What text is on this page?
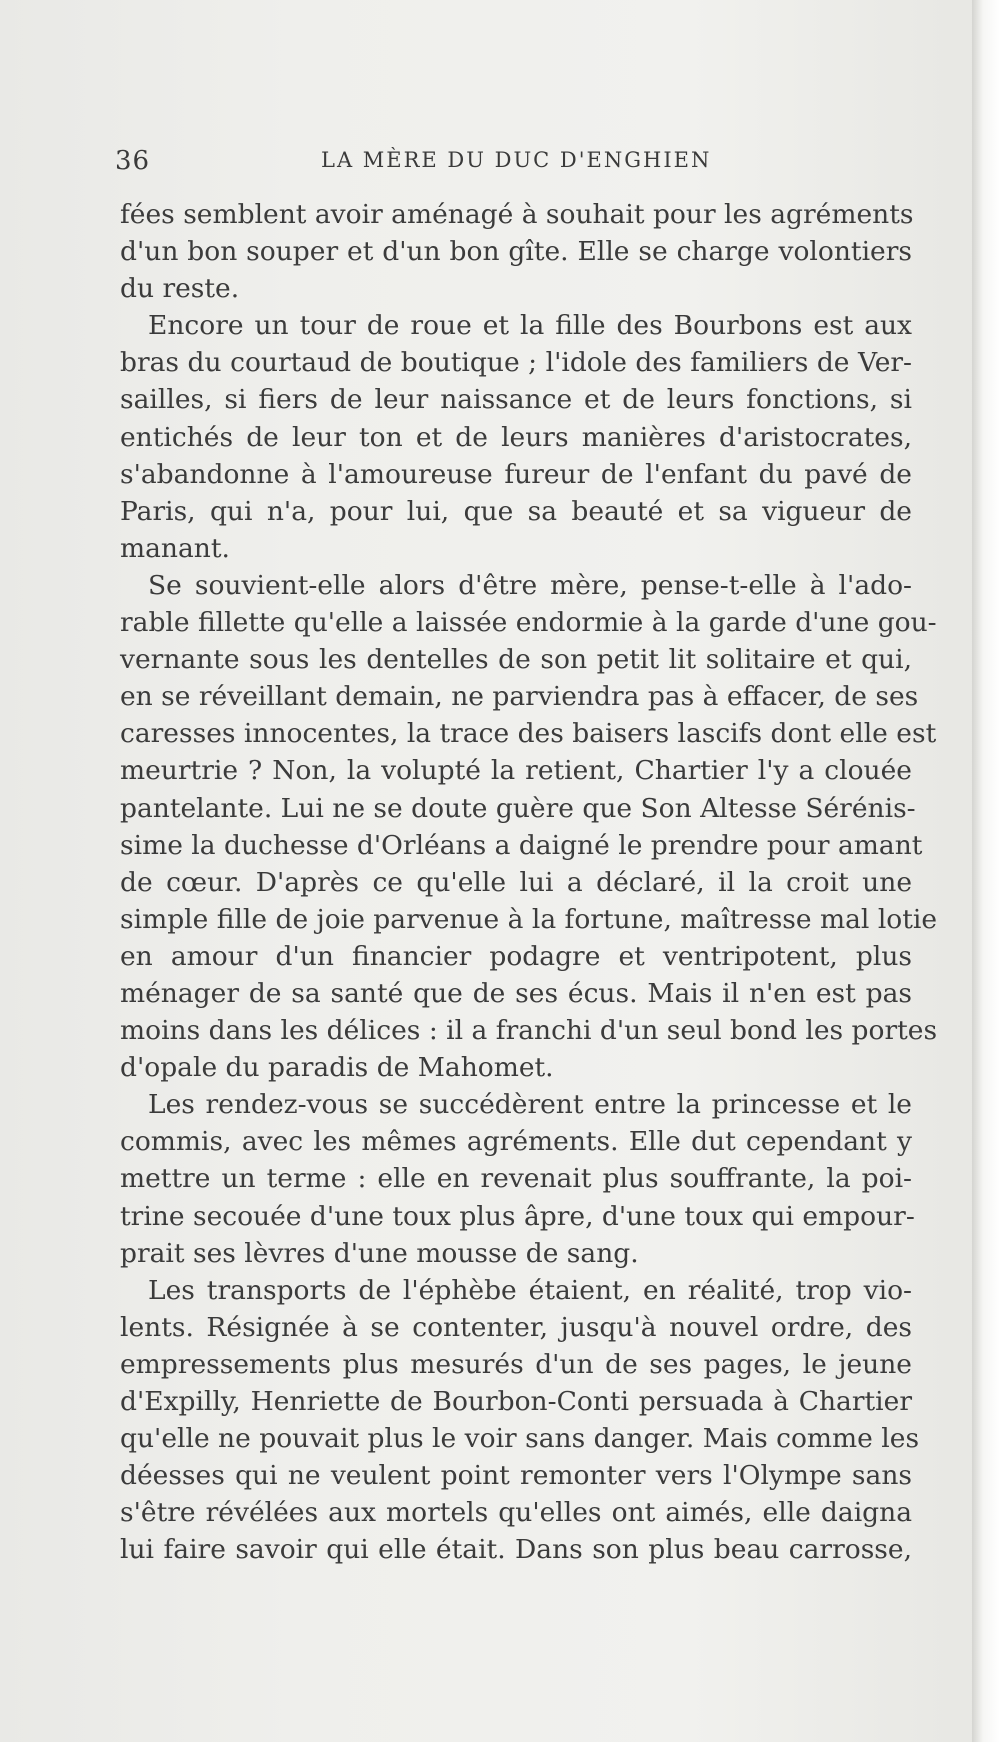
36	LA MÈRE DU DUC D'ENGHIEN
fées semblent avoir aménagé à souhait pour les agréments
d'un bon souper et d'un bon gîte. Elle se charge volontiers
du reste.
Encore un tour de roue et la fille des Bourbons est aux
bras du courtaud de boutique ; l'idole des familiers de Ver-
sailles, si fiers de leur naissance et de leurs fonctions, si
entichés de leur ton et de leurs manières d'aristocrates,
s'abandonne à l'amoureuse fureur de l'enfant du pavé de
Paris, qui n'a, pour lui, que sa beauté et sa vigueur de
manant.
Se souvient-elle alors d'être mère, pense-t-elle à l'ado-
rable fillette qu'elle a laissée endormie à la garde d'une gou-
vernante sous les dentelles de son petit lit solitaire et qui,
en se réveillant demain, ne parviendra pas à effacer, de ses
caresses innocentes, la trace des baisers lascifs dont elle est
meurtrie ? Non, la volupté la retient, Chartier l'y a clouée
pantelante. Lui ne se doute guère que Son Altesse Sérénis-
sime la duchesse d'Orléans a daigné le prendre pour amant
de cœur. D'après ce qu'elle lui a déclaré, il la croit une
simple fille de joie parvenue à la fortune, maîtresse mal lotie
en amour d'un financier podagre et ventripotent, plus
ménager de sa santé que de ses écus. Mais il n'en est pas
moins dans les délices : il a franchi d'un seul bond les portes
d'opale du paradis de Mahomet.
Les rendez-vous se succédèrent entre la princesse et le
commis, avec les mêmes agréments. Elle dut cependant y
mettre un terme : elle en revenait plus souffrante, la poi-
trine secouée d'une toux plus âpre, d'une toux qui empour-
prait ses lèvres d'une mousse de sang.
Les transports de l'éphèbe étaient, en réalité, trop vio-
lents. Résignée à se contenter, jusqu'à nouvel ordre, des
empressements plus mesurés d'un de ses pages, le jeune
d'Expilly, Henriette de Bourbon-Conti persuada à Chartier
qu'elle ne pouvait plus le voir sans danger. Mais comme les
déesses qui ne veulent point remonter vers l'Olympe sans
s'être révélées aux mortels qu'elles ont aimés, elle daigna
lui faire savoir qui elle était. Dans son plus beau carrosse,
